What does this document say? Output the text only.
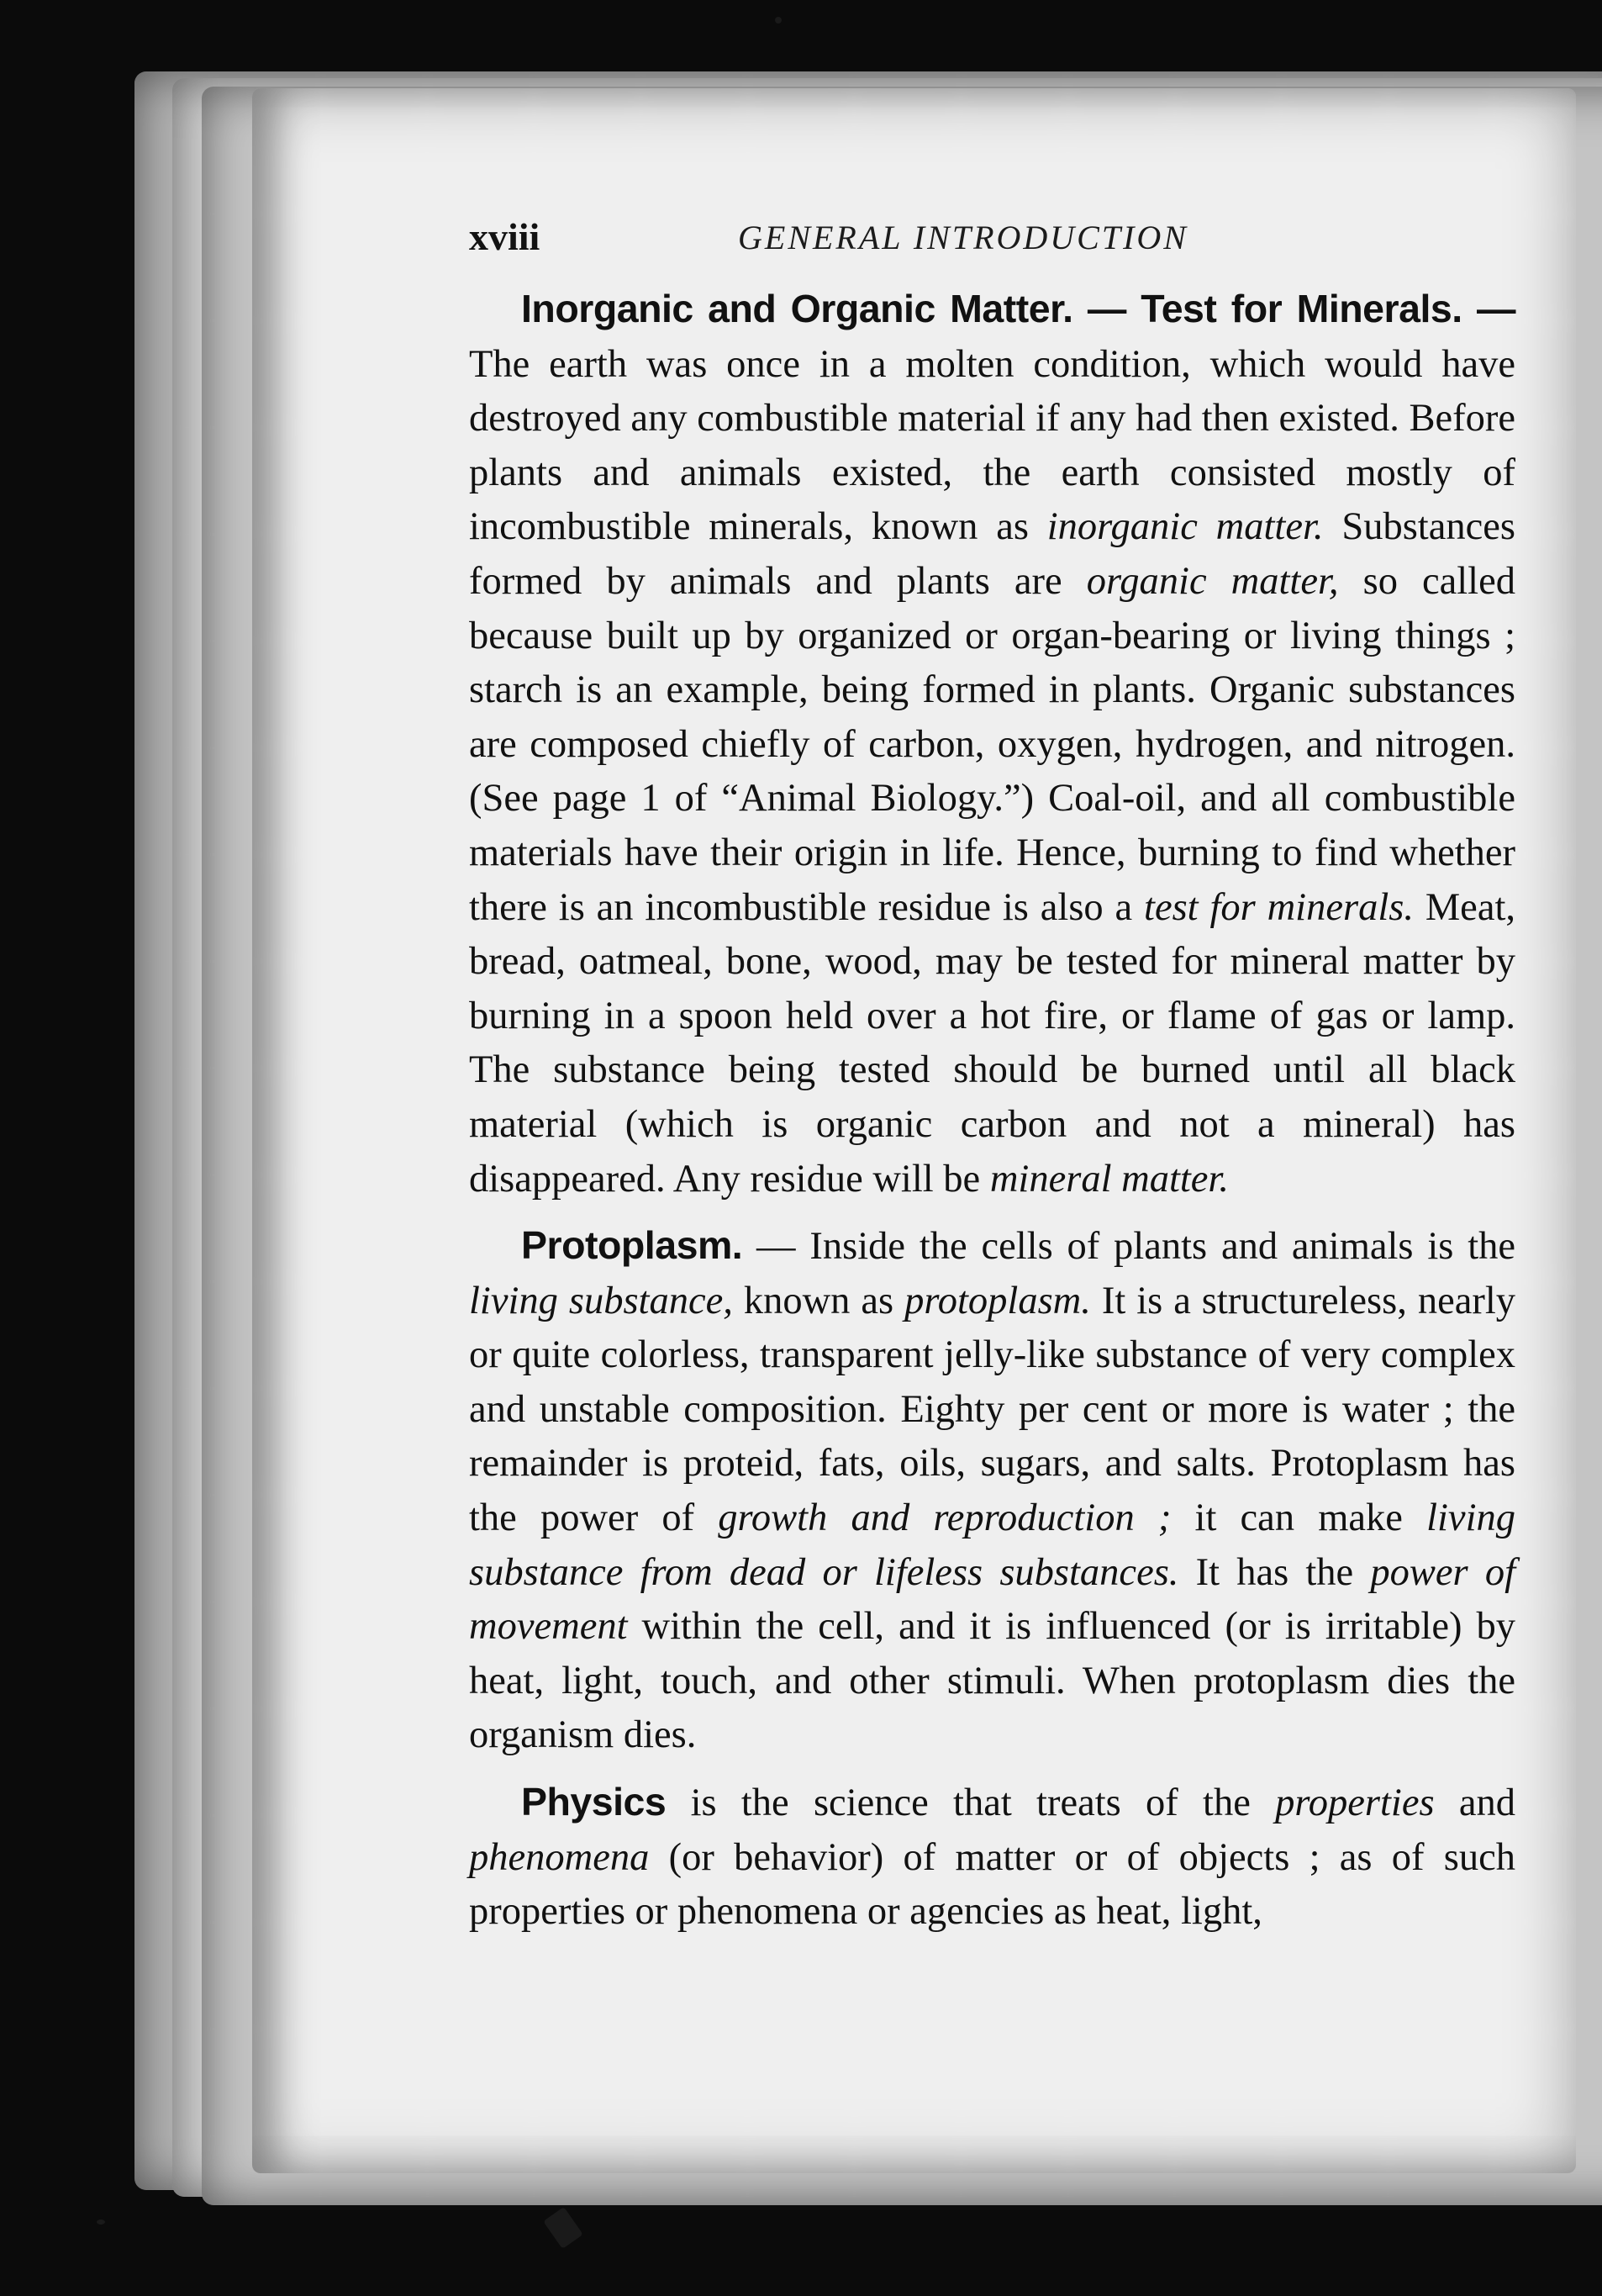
xviii	GENERAL INTRODUCTION

Inorganic and Organic Matter. — Test for Minerals. — The earth was once in a molten condition, which would have destroyed any combustible material if any had then existed. Before plants and animals existed, the earth consisted mostly of incombustible minerals, known as inorganic matter. Substances formed by animals and plants are organic matter, so called because built up by organized or organ-bearing or living things ; starch is an example, being formed in plants. Organic substances are composed chiefly of carbon, oxygen, hydrogen, and nitrogen. (See page 1 of “Animal Biology.”) Coal-oil, and all combustible materials have their origin in life. Hence, burning to find whether there is an incombustible residue is also a test for minerals. Meat, bread, oatmeal, bone, wood, may be tested for mineral matter by burning in a spoon held over a hot fire, or flame of gas or lamp. The substance being tested should be burned until all black material (which is organic carbon and not a mineral) has disappeared. Any residue will be mineral matter.

Protoplasm. — Inside the cells of plants and animals is the living substance, known as protoplasm. It is a structureless, nearly or quite colorless, transparent jelly-like substance of very complex and unstable composition. Eighty per cent or more is water ; the remainder is proteid, fats, oils, sugars, and salts. Protoplasm has the power of growth and reproduction ; it can make living substance from dead or lifeless substances. It has the power of movement within the cell, and it is influenced (or is irritable) by heat, light, touch, and other stimuli. When protoplasm dies the organism dies.

Physics is the science that treats of the properties and phenomena (or behavior) of matter or of objects ; as of such properties or phenomena or agencies as heat, light,
